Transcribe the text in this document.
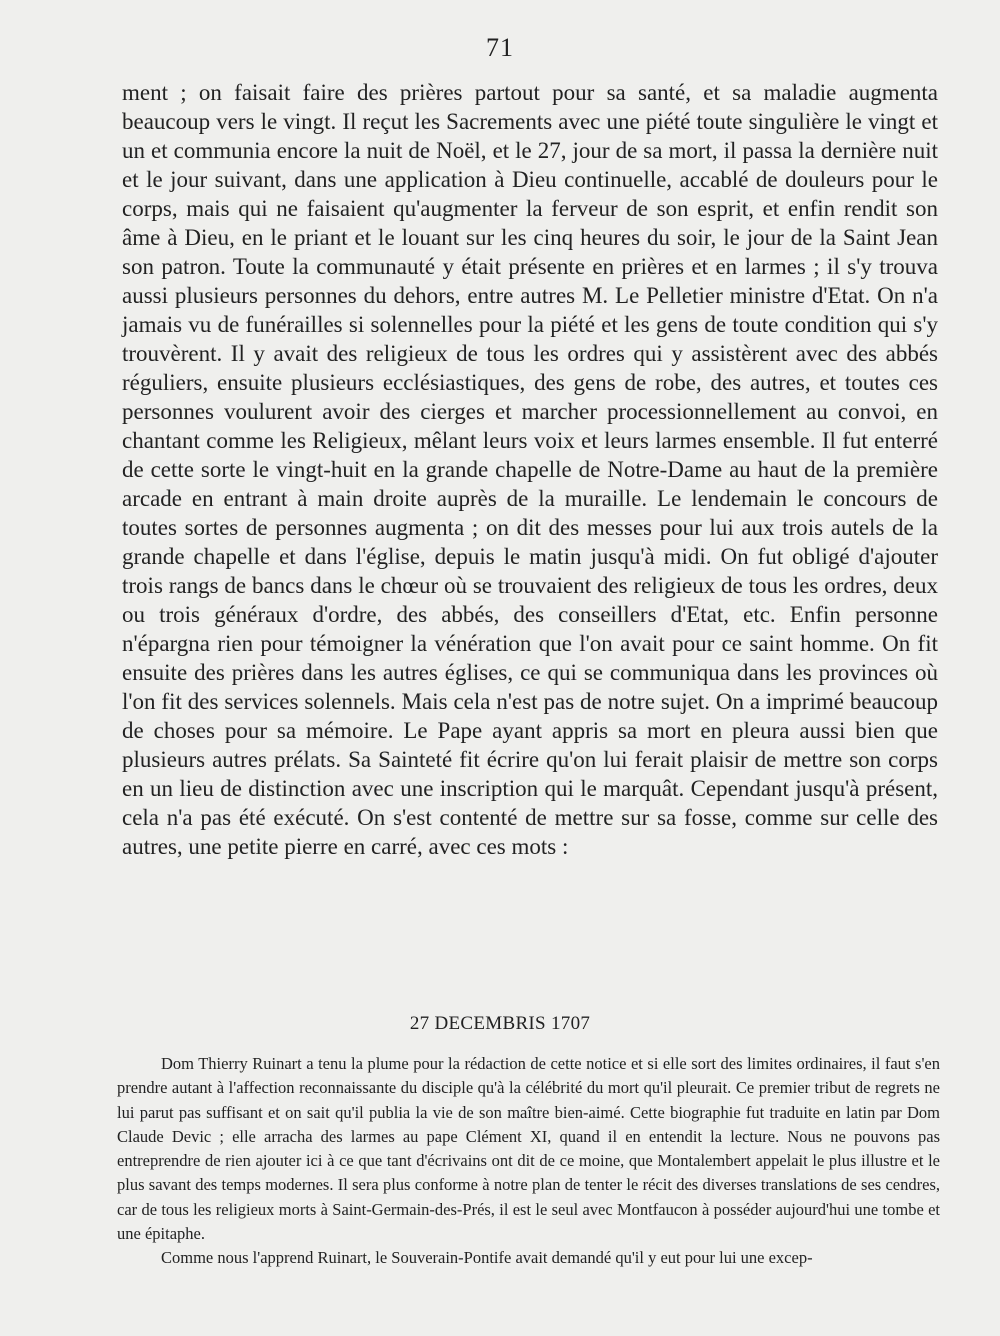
71

ment ; on faisait faire des prières partout pour sa santé, et sa maladie augmenta beaucoup vers le vingt. Il reçut les Sacrements avec une piété toute singulière le vingt et un et communia encore la nuit de Noël, et le 27, jour de sa mort, il passa la dernière nuit et le jour suivant, dans une application à Dieu continuelle, accablé de douleurs pour le corps, mais qui ne faisaient qu'augmenter la ferveur de son esprit, et enfin rendit son âme à Dieu, en le priant et le louant sur les cinq heures du soir, le jour de la Saint Jean son patron. Toute la communauté y était présente en prières et en larmes ; il s'y trouva aussi plusieurs personnes du dehors, entre autres M. Le Pelletier ministre d'Etat. On n'a jamais vu de funérailles si solennelles pour la piété et les gens de toute condition qui s'y trouvèrent. Il y avait des religieux de tous les ordres qui y assistèrent avec des abbés réguliers, ensuite plusieurs ecclésiastiques, des gens de robe, des autres, et toutes ces personnes voulurent avoir des cierges et marcher processionnellement au convoi, en chantant comme les Religieux, mêlant leurs voix et leurs larmes ensemble. Il fut enterré de cette sorte le vingt-huit en la grande chapelle de Notre-Dame au haut de la première arcade en entrant à main droite auprès de la muraille. Le lendemain le concours de toutes sortes de personnes augmenta ; on dit des messes pour lui aux trois autels de la grande chapelle et dans l'église, depuis le matin jusqu'à midi. On fut obligé d'ajouter trois rangs de bancs dans le chœur où se trouvaient des religieux de tous les ordres, deux ou trois généraux d'ordre, des abbés, des conseillers d'Etat, etc. Enfin personne n'épargna rien pour témoigner la vénération que l'on avait pour ce saint homme. On fit ensuite des prières dans les autres églises, ce qui se communiqua dans les provinces où l'on fit des services solennels. Mais cela n'est pas de notre sujet. On a imprimé beaucoup de choses pour sa mémoire. Le Pape ayant appris sa mort en pleura aussi bien que plusieurs autres prélats. Sa Sainteté fit écrire qu'on lui ferait plaisir de mettre son corps en un lieu de distinction avec une inscription qui le marquât. Cependant jusqu'à présent, cela n'a pas été exécuté. On s'est contenté de mettre sur sa fosse, comme sur celle des autres, une petite pierre en carré, avec ces mots :

27 DECEMBRIS 1707

Dom Thierry Ruinart a tenu la plume pour la rédaction de cette notice et si elle sort des limites ordinaires, il faut s'en prendre autant à l'affection reconnaissante du disciple qu'à la célébrité du mort qu'il pleurait. Ce premier tribut de regrets ne lui parut pas suffisant et on sait qu'il publia la vie de son maître bien-aimé. Cette biographie fut traduite en latin par Dom Claude Devic ; elle arracha des larmes au pape Clément XI, quand il en entendit la lecture. Nous ne pouvons pas entreprendre de rien ajouter ici à ce que tant d'écrivains ont dit de ce moine, que Montalembert appelait le plus illustre et le plus savant des temps modernes. Il sera plus conforme à notre plan de tenter le récit des diverses translations de ses cendres, car de tous les religieux morts à Saint-Germain-des-Prés, il est le seul avec Montfaucon à posséder aujourd'hui une tombe et une épitaphe.

Comme nous l'apprend Ruinart, le Souverain-Pontife avait demandé qu'il y eut pour lui une excep-
